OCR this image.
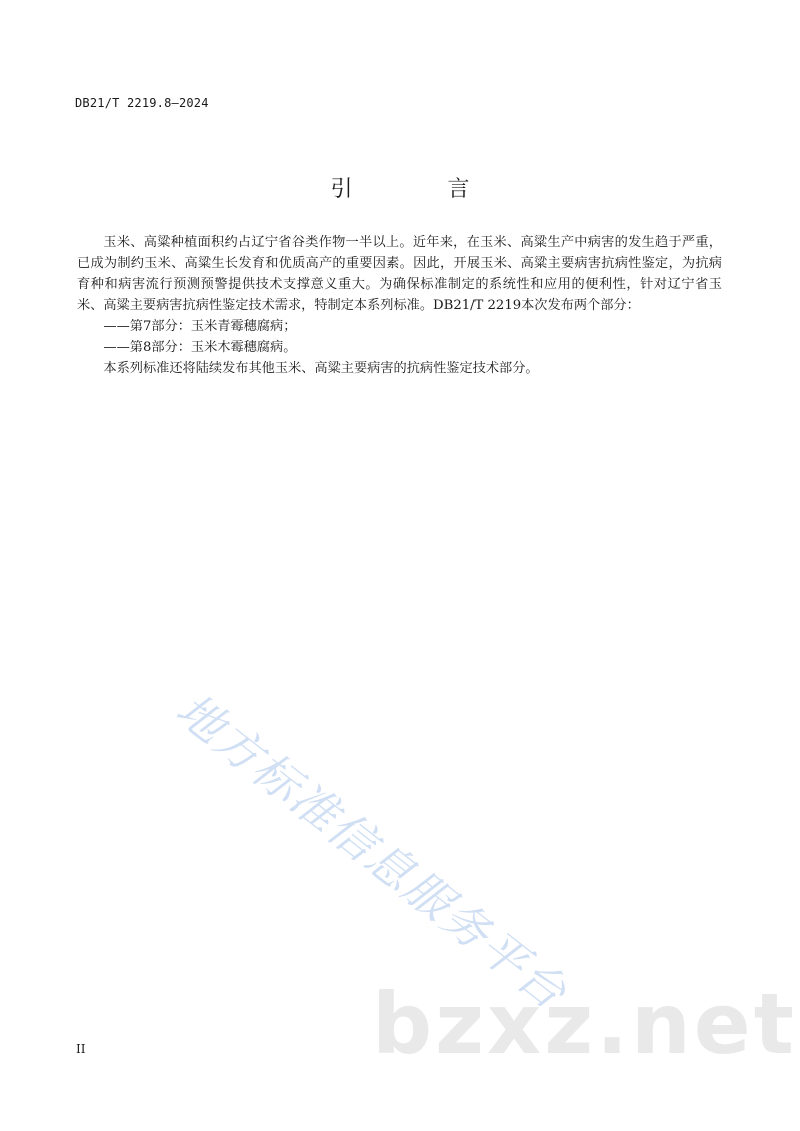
DB21/T 2219.8—2024
引 言

玉米、高粱种植面积约占辽宁省谷类作物一半以上。近年来，在玉米、高粱生产中病害的发生趋于严重，已成为制约玉米、高粱生长发育和优质高产的重要因素。因此，开展玉米、高粱主要病害抗病性鉴定，为抗病育种和病害流行预测预警提供技术支撑意义重大。为确保标准制定的系统性和应用的便利性，针对辽宁省玉米、高粱主要病害抗病性鉴定技术需求，特制定本系列标准。DB21/T 2219本次发布两个部分：

——第7部分：玉米青霉穗腐病；

——第8部分：玉米木霉穗腐病。

本系列标准还将陆续发布其他玉米、高粱主要病害的抗病性鉴定技术部分。

地方标准信息服务平台
bzxz.net
II
